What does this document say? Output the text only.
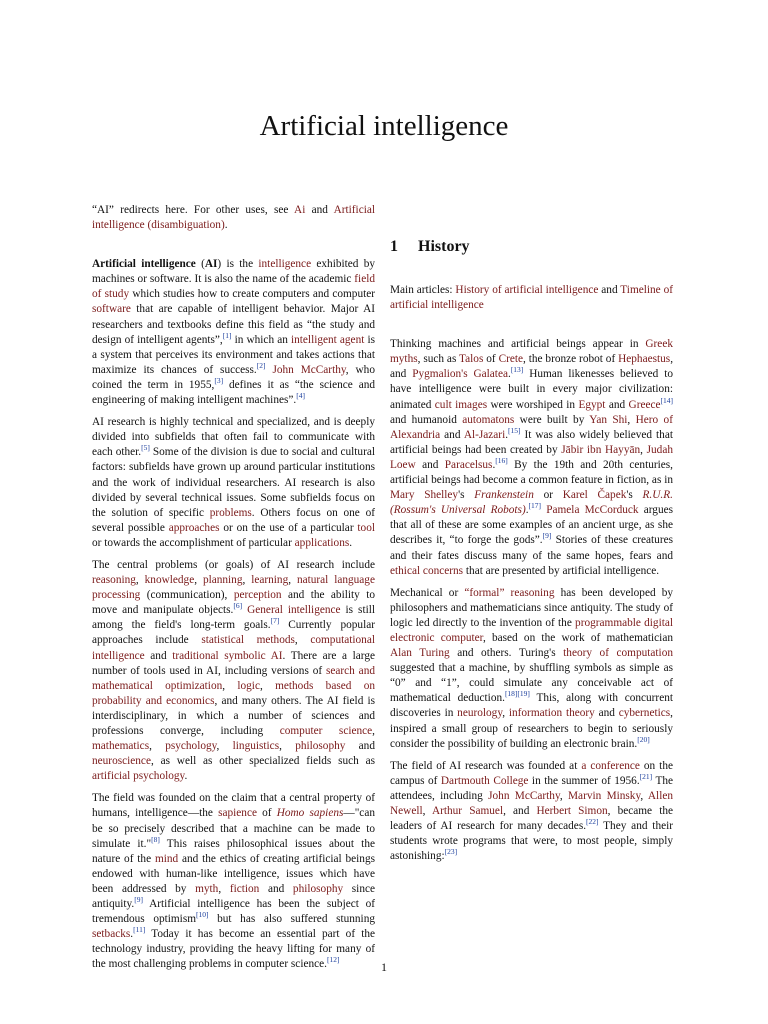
Artificial intelligence

“AI” redirects here. For other uses, see Ai and Artificial intelligence (disambiguation).

Artificial intelligence (AI) is the intelligence exhibited by machines or software. It is also the name of the academic field of study which studies how to create computers and computer software that are capable of intelligent behavior. Major AI researchers and textbooks define this field as “the study and design of intelligent agents”,[1] in which an intelligent agent is a system that perceives its environment and takes actions that maximize its chances of success.[2] John McCarthy, who coined the term in 1955,[3] defines it as “the science and engineering of making intelligent machines”.[4]

AI research is highly technical and specialized, and is deeply divided into subfields that often fail to communicate with each other.[5] Some of the division is due to social and cultural factors: subfields have grown up around particular institutions and the work of individual researchers. AI research is also divided by several technical issues. Some subfields focus on the solution of specific problems. Others focus on one of several possible approaches or on the use of a particular tool or towards the accomplishment of particular applications.

The central problems (or goals) of AI research include reasoning, knowledge, planning, learning, natural language processing (communication), perception and the ability to move and manipulate objects.[6] General intelligence is still among the field's long-term goals.[7] Currently popular approaches include statistical methods, computational intelligence and traditional symbolic AI. There are a large number of tools used in AI, including versions of search and mathematical optimization, logic, methods based on probability and economics, and many others. The AI field is interdisciplinary, in which a number of sciences and professions converge, including computer science, mathematics, psychology, linguistics, philosophy and neuroscience, as well as other specialized fields such as artificial psychology.

The field was founded on the claim that a central property of humans, intelligence—the sapience of Homo sapiens—"can be so precisely described that a machine can be made to simulate it."[8] This raises philosophical issues about the nature of the mind and the ethics of creating artificial beings endowed with human-like intelligence, issues which have been addressed by myth, fiction and philosophy since antiquity.[9] Artificial intelligence has been the subject of tremendous optimism[10] but has also suffered stunning setbacks.[11] Today it has become an essential part of the technology industry, providing the heavy lifting for many of the most challenging problems in computer science.[12]

1 History

Main articles: History of artificial intelligence and Timeline of artificial intelligence

Thinking machines and artificial beings appear in Greek myths, such as Talos of Crete, the bronze robot of Hephaestus, and Pygmalion's Galatea.[13] Human likenesses believed to have intelligence were built in every major civilization: animated cult images were worshiped in Egypt and Greece[14] and humanoid automatons were built by Yan Shi, Hero of Alexandria and Al-Jazari.[15] It was also widely believed that artificial beings had been created by Jābir ibn Hayyān, Judah Loew and Paracelsus.[16] By the 19th and 20th centuries, artificial beings had become a common feature in fiction, as in Mary Shelley's Frankenstein or Karel Čapek's R.U.R. (Rossum's Universal Robots).[17] Pamela McCorduck argues that all of these are some examples of an ancient urge, as she describes it, “to forge the gods”.[9] Stories of these creatures and their fates discuss many of the same hopes, fears and ethical concerns that are presented by artificial intelligence.

Mechanical or “formal” reasoning has been developed by philosophers and mathematicians since antiquity. The study of logic led directly to the invention of the programmable digital electronic computer, based on the work of mathematician Alan Turing and others. Turing's theory of computation suggested that a machine, by shuffling symbols as simple as “0” and “1”, could simulate any conceivable act of mathematical deduction.[18][19] This, along with concurrent discoveries in neurology, information theory and cybernetics, inspired a small group of researchers to begin to seriously consider the possibility of building an electronic brain.[20]

The field of AI research was founded at a conference on the campus of Dartmouth College in the summer of 1956.[21] The attendees, including John McCarthy, Marvin Minsky, Allen Newell, Arthur Samuel, and Herbert Simon, became the leaders of AI research for many decades.[22] They and their students wrote programs that were, to most people, simply astonishing:[23]

1
